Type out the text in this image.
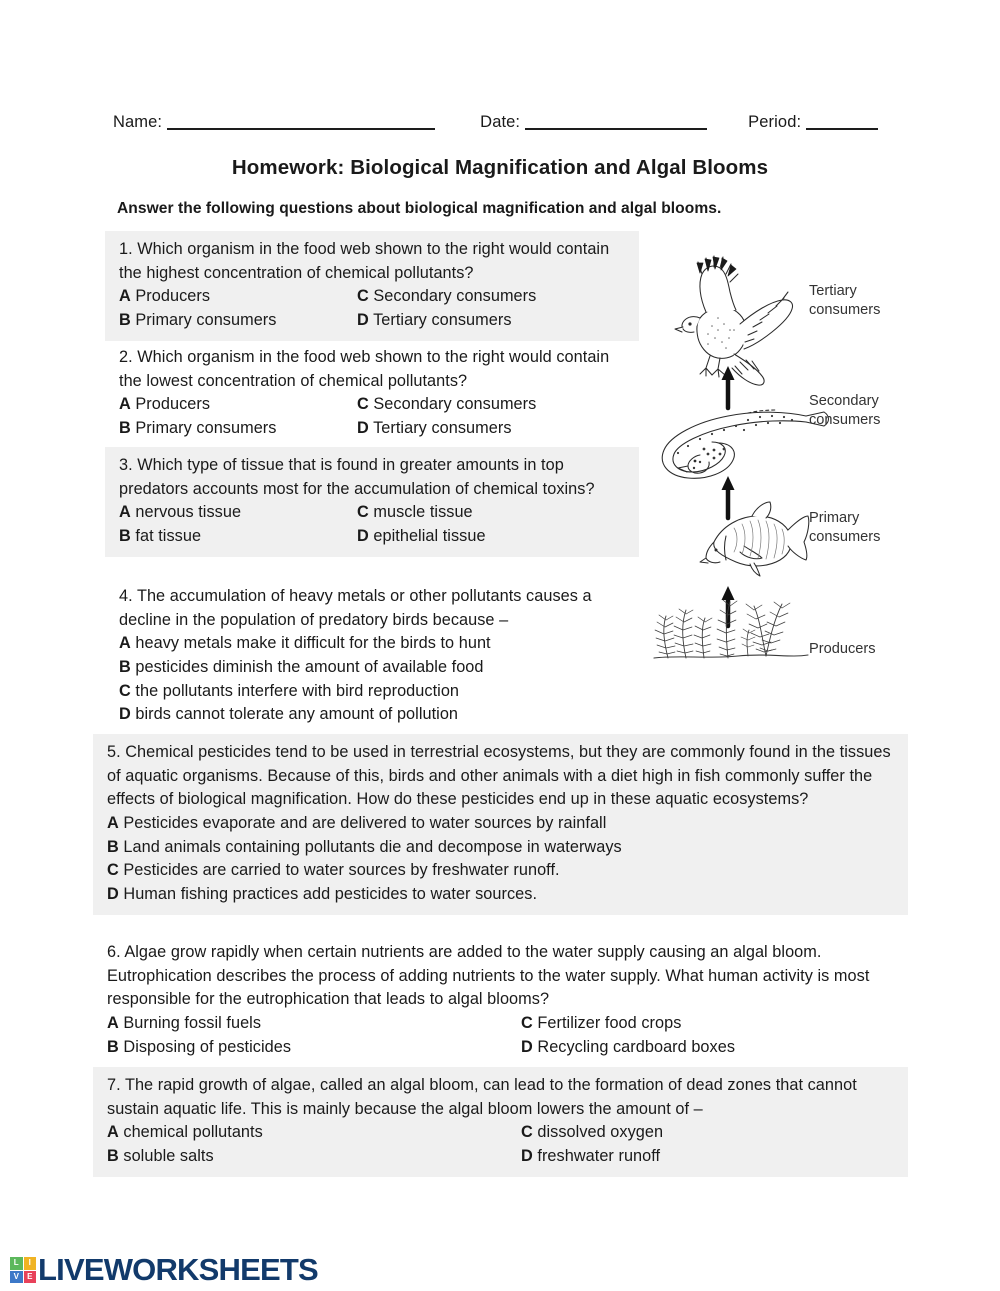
Name:	Date:	Period:
Homework: Biological Magnification and Algal Blooms
Answer the following questions about biological magnification and algal blooms.
1. Which organism in the food web shown to the right would contain the highest concentration of chemical pollutants?
A Producers	C Secondary consumers
B Primary consumers	D Tertiary consumers
2. Which organism in the food web shown to the right would contain the lowest concentration of chemical pollutants?
A Producers	C Secondary consumers
B Primary consumers	D Tertiary consumers
3. Which type of tissue that is found in greater amounts in top predators accounts most for the accumulation of chemical toxins?
A nervous tissue	C muscle tissue
B fat tissue	D epithelial tissue
4. The accumulation of heavy metals or other pollutants causes a decline in the population of predatory birds because –
A heavy metals make it difficult for the birds to hunt
B pesticides diminish the amount of available food
C the pollutants interfere with bird reproduction
D birds cannot tolerate any amount of pollution
5. Chemical pesticides tend to be used in terrestrial ecosystems, but they are commonly found in the tissues of aquatic organisms. Because of this, birds and other animals with a diet high in fish commonly suffer the effects of biological magnification. How do these pesticides end up in these aquatic ecosystems?
A Pesticides evaporate and are delivered to water sources by rainfall
B Land animals containing pollutants die and decompose in waterways
C Pesticides are carried to water sources by freshwater runoff.
D Human fishing practices add pesticides to water sources.
6. Algae grow rapidly when certain nutrients are added to the water supply causing an algal bloom. Eutrophication describes the process of adding nutrients to the water supply. What human activity is most responsible for the eutrophication that leads to algal blooms?
A Burning fossil fuels	C Fertilizer food crops
B Disposing of pesticides	D Recycling cardboard boxes
7. The rapid growth of algae, called an algal bloom, can lead to the formation of dead zones that cannot sustain aquatic life. This is mainly because the algal bloom lowers the amount of –
A chemical pollutants	C dissolved oxygen
B soluble salts	D freshwater runoff
Tertiary
consumers
Secondary
consumers
Primary
consumers
Producers
L	I
V	E LIVEWORKSHEETS
